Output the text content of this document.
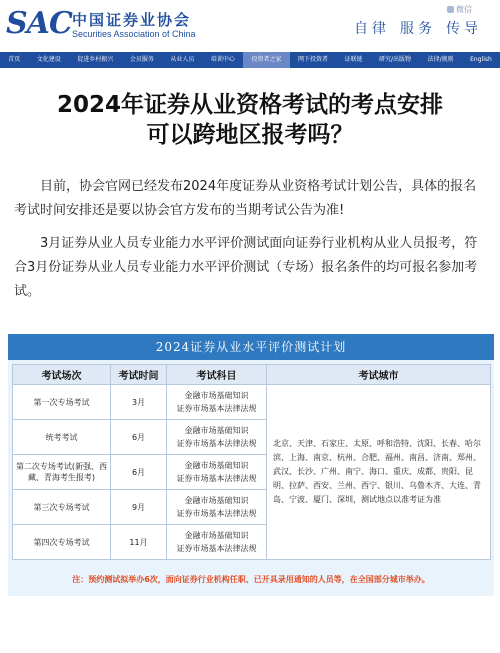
SAC 中国证券业协会
Securities Association of China
微信
自律 服务 传导
首页	文化建设	促进乡村振兴	会员服务	从业人员	培训中心	投资者之家	网下投资者	证联链	研究/出版物	法律/规则	English
2024年证券从业资格考试的考点安排
可以跨地区报考吗？
目前，协会官网已经发布2024年度证券从业资格考试计划公告，具体的报名考试时间安排还是要以协会官方发布的当期考试公告为准!
3月证券从业人员专业能力水平评价测试面向证券行业机构从业人员报考，符合3月份证券从业人员专业能力水平评价测试（专场）报名条件的均可报名参加考试。
2024证券从业水平评价测试计划
考试场次	考试时间	考试科目	考试城市
第一次专场考试	3月	金融市场基础知识
证券市场基本法律法规	北京、天津、石家庄、太原、呼和浩特、沈阳、长春、哈尔滨、上海、南京、杭州、合肥、福州、南昌、济南、郑州、武汉、长沙、广州、南宁、海口、重庆、成都、贵阳、昆明、拉萨、西安、兰州、西宁、银川、乌鲁木齐、大连、青岛、宁波、厦门、深圳，测试地点以准考证为准
统考考试	6月	金融市场基础知识
证券市场基本法律法规	

第二次专场考试(新强、西藏、青海考生报考)	6月	金融市场基础知识
证券市场基本法律法规	

第三次专场考试	9月	金融市场基础知识
证券市场基本法律法规	

第四次专场考试	11月	金融市场基础知识
证券市场基本法律法规	
注：预约测试拟举办6次，面向证券行业机构任职、已开具录用通知的人员等，在全国部分城市举办。
